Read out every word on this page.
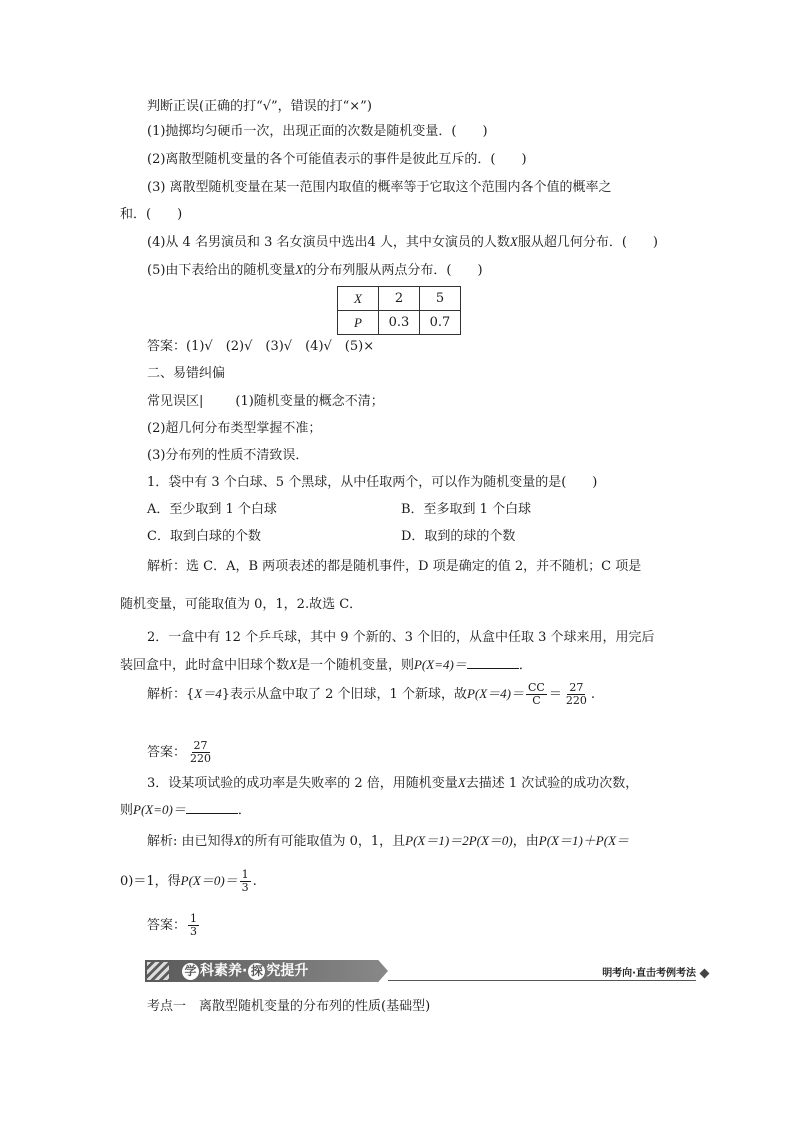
判断正误(正确的打“√”，错误的打“×”)
(1)抛掷均匀硬币一次，出现正面的次数是随机变量．(　　)
(2)离散型随机变量的各个可能值表示的事件是彼此互斥的．(　　)
(3) 离散型随机变量在某一范围内取值的概率等于它取这个范围内各个值的概率之
和．(　　)
(4)从 4 名男演员和 3 名女演员中选出4 人，其中女演员的人数X服从超几何分布．(　　)
(5)由下表给出的随机变量X的分布列服从两点分布．(　　)
X	2	5
P	0.3	0.7
答案：(1)√　(2)√　(3)√　(4)√　(5)×
二、易错纠偏
常见误区| (1)随机变量的概念不清；
(2)超几何分布类型掌握不准；
(3)分布列的性质不清致误．
1．袋中有 3 个白球、5 个黑球，从中任取两个，可以作为随机变量的是(　　)
A．至少取到 1 个白球	B．至多取到 1 个白球
C．取到白球的个数	D．取到的球的个数
解析：选 C．A，B 两项表述的都是随机事件，D 项是确定的值 2，并不随机；C 项是
随机变量，可能取值为 0，1，2.故选 C．
2．一盒中有 12 个乒乓球，其中 9 个新的、3 个旧的，从盒中任取 3 个球来用，用完后
装回盒中，此时盒中旧球个数X是一个随机变量，则P(X=4)＝	．
解析：{X＝4}表示从盒中取了 2 个旧球，1 个新球，故$P(X=4)= \frac{CC}{C} = \frac{27}{220}$ .
答案： $\frac{27}{220}$
3．设某项试验的成功率是失败率的 2 倍，用随机变量X去描述 1 次试验的成功次数，
则P(X=0)＝	．
解析: 由已知得X的所有可能取值为 0，1，且P(X＝1)＝2P(X＝0)，由P(X＝1)＋P(X＝
0)＝1，得$P(X=0)= \frac{1}{3}$ .
答案： $\frac{1}{3}$
学 科素养· 探 究提升	明考向·直击考例考法
考点一　离散型随机变量的分布列的性质(基础型)
